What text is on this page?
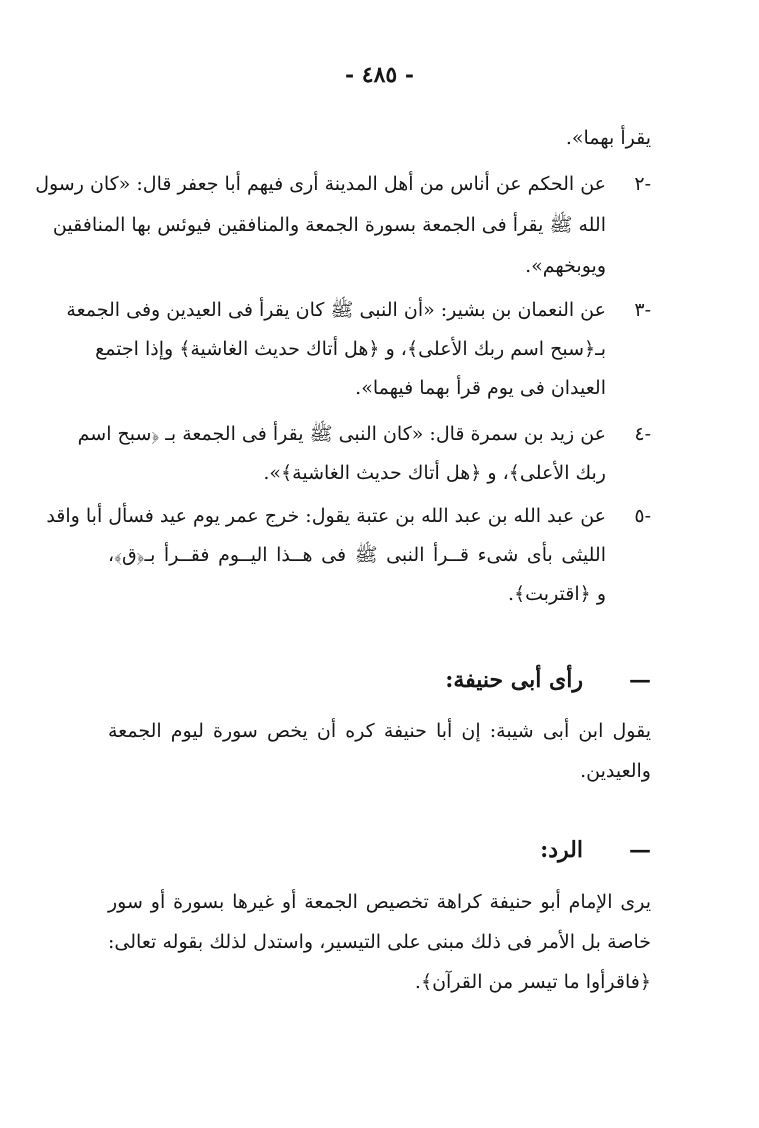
- ٤٨٥ -
يقرأ بهما».
-٢
عن الحكم عن أناس من أهل المدينة أرى فيهم أبا جعفر قال: «كان رسول
الله ﷺ يقرأ فى الجمعة بسورة الجمعة والمنافقين فيوئس بها المنافقين
ويوبخهم».
-٣
عن النعمان بن بشير: «أن النبى ﷺ كان يقرأ فى العيدين وفى الجمعة
بـ﴿سبح اسم ربك الأعلى﴾، و ﴿هل أتاك حديث الغاشية﴾ وإذا اجتمع
العيدان فى يوم قرأ بهما فيهما».
-٤
عن زيد بن سمرة قال: «كان النبى ﷺ يقرأ فى الجمعة بـ ﴿سبح اسم
ربك الأعلى﴾، و ﴿هل أتاك حديث الغاشية﴾».
-٥
عن عبد الله بن عبد الله بن عتبة يقول: خرج عمر يوم عيد فسأل أبا واقد
الليثى بأى شىء قــرأ النبى ﷺ فى هــذا اليــوم فقــرأ بـ﴿ق﴾،
و ﴿اقتربت﴾.
—رأى أبى حنيفة:
يقول ابن أبى شيبة: إن أبا حنيفة كره أن يخص سورة ليوم الجمعة
والعيدين.
—الرد:
يرى الإمام أبو حنيفة كراهة تخصيص الجمعة أو غيرها بسورة أو سور
خاصة بل الأمر فى ذلك مبنى على التيسير، واستدل لذلك بقوله تعالى:
﴿فاقرأوا ما تيسر من القرآن﴾.
